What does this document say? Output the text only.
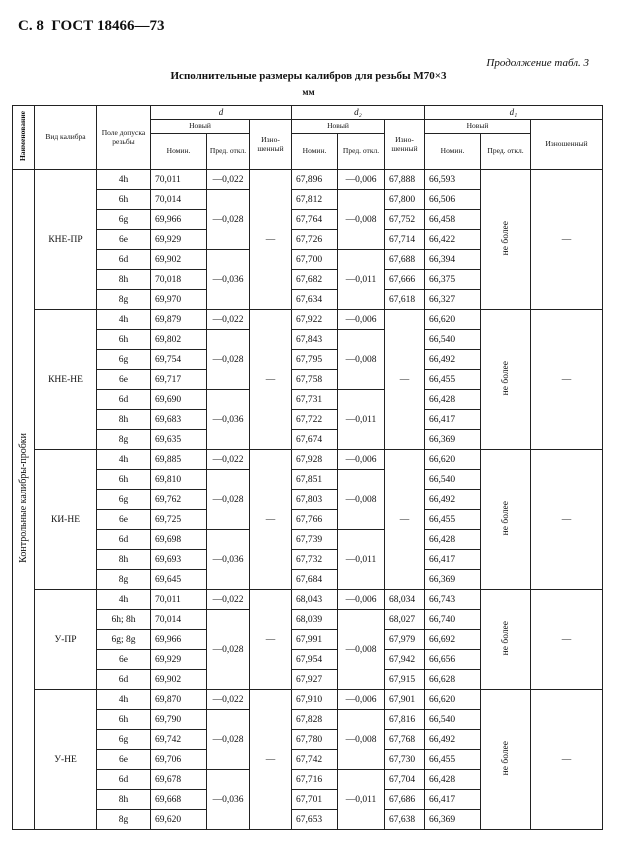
С. 8 ГОСТ 18466—73
Продолжение табл. 3
Исполнительные размеры калибров для резьбы М70×3
мм
Наименование	Вид калибра	Поле допуска резьбы	d			d₂			d₁		
			Новый		Изношенный	Новый		Изношенный	Новый		Изношенный
			Номин.	Пред. откл.		Номин.	Пред. откл.		Номин.	Пред. откл.	
Контрольные калибры-пробки	КНЕ-ПР	4h	70,011	—0,022	—	67,896	—0,006	67,888	66,593	не более	—
		6h	70,014	—0,028		67,812	—0,008	67,800	66,506		
		6g	69,966			67,764		67,752	66,458		
		6e	69,929			67,726		67,714	66,422		
		6d	69,902	—0,036		67,700	—0,011	67,688	66,394		
		8h	70,018			67,682		67,666	66,375		
		8g	69,970			67,634		67,618	66,327		
	КНЕ-НЕ	4h	69,879	—0,022	—	67,922	—0,006	—	66,620	не более	—
		6h	69,802	—0,028		67,843	—0,008		66,540		
		6g	69,754			67,795			66,492		
		6e	69,717			67,758			66,455		
		6d	69,690	—0,036		67,731	—0,011		66,428		
		8h	69,683			67,722			66,417		
		8g	69,635			67,674			66,369		
	КИ-НЕ	4h	69,885	—0,022	—	67,928	—0,006	—	66,620	не более	—
		6h	69,810	—0,028		67,851	—0,008		66,540		
		6g	69,762			67,803			66,492		
		6e	69,725			67,766			66,455		
		6d	69,698	—0,036		67,739	—0,011		66,428		
		8h	69,693			67,732			66,417		
		8g	69,645			67,684			66,369		
	У-ПР	4h	70,011	—0,022	—	68,043	—0,006	68,034	66,743	не более	—
		6h; 8h	70,014	—0,028		68,039	—0,008	68,027	66,740		
		6g; 8g	69,966			67,991		67,979	66,692		
		6e	69,929			67,954		67,942	66,656		
		6d	69,902			67,927		67,915	66,628		
	У-НЕ	4h	69,870	—0,022	—	67,910	—0,006	67,901	66,620	не более	—
		6h	69,790	—0,028		67,828	—0,008	67,816	66,540		
		6g	69,742			67,780		67,768	66,492		
		6e	69,706			67,742		67,730	66,455		
		6d	69,678	—0,036		67,716	—0,011	67,704	66,428		
		8h	69,668			67,701		67,686	66,417		
		8g	69,620			67,653		67,638	66,369		
